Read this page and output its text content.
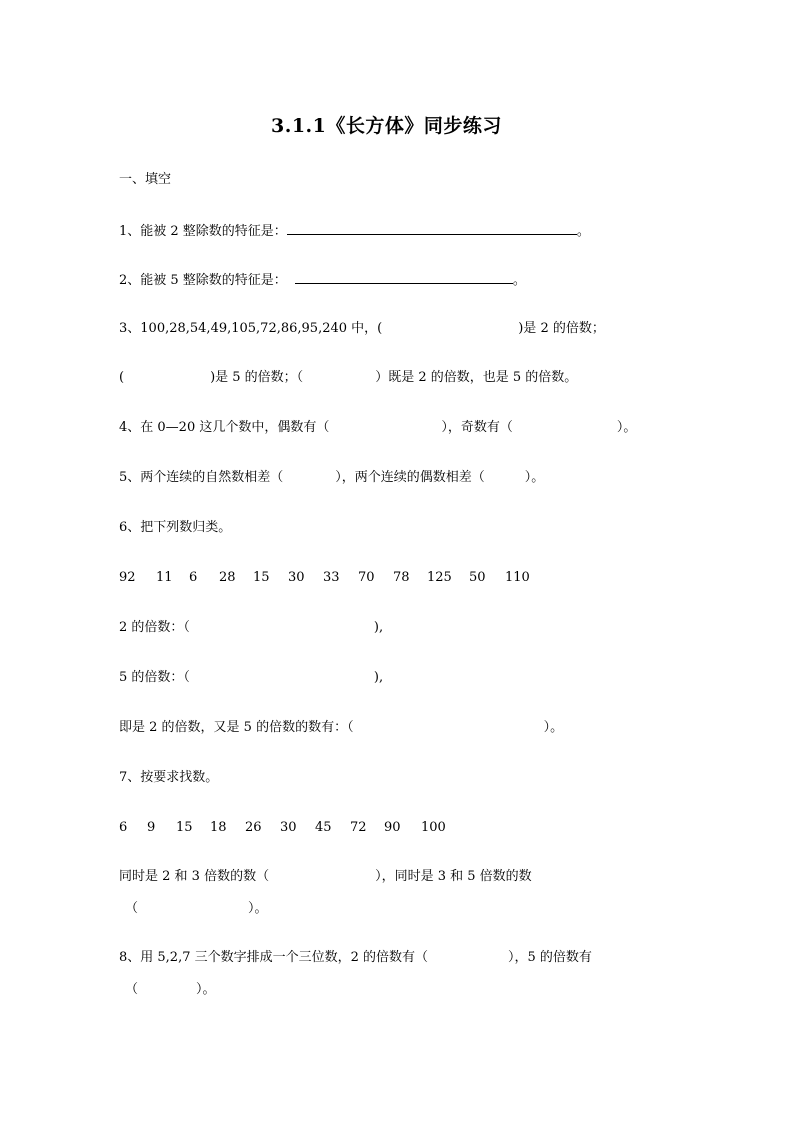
3.1.1《长方体》同步练习
一、填空
1、能被 2 整除数的特征是：	。
2、能被 5 整除数的特征是：	。
3、100,28,54,49,105,72,86,95,240 中，(	)是 2 的倍数；
(	)是 5 的倍数；（	）既是 2 的倍数，也是 5 的倍数。
4、在 0—20 这几个数中，偶数有（	），奇数有（	）。
5、两个连续的自然数相差（	），两个连续的偶数相差（	）。
6、把下列数归类。
92 11 6 28 15 30 33 70 78 125 50 110
2 的倍数：（	),
5 的倍数：（	),
即是 2 的倍数，又是 5 的倍数的数有：（	）。
7、按要求找数。
6 9 15 18 26 30 45 72 90 100
同时是 2 和 3 倍数的数（	），同时是 3 和 5 倍数的数
（	）。
8、用 5,2,7 三个数字排成一个三位数，2 的倍数有（	），5 的倍数有
（	）。
